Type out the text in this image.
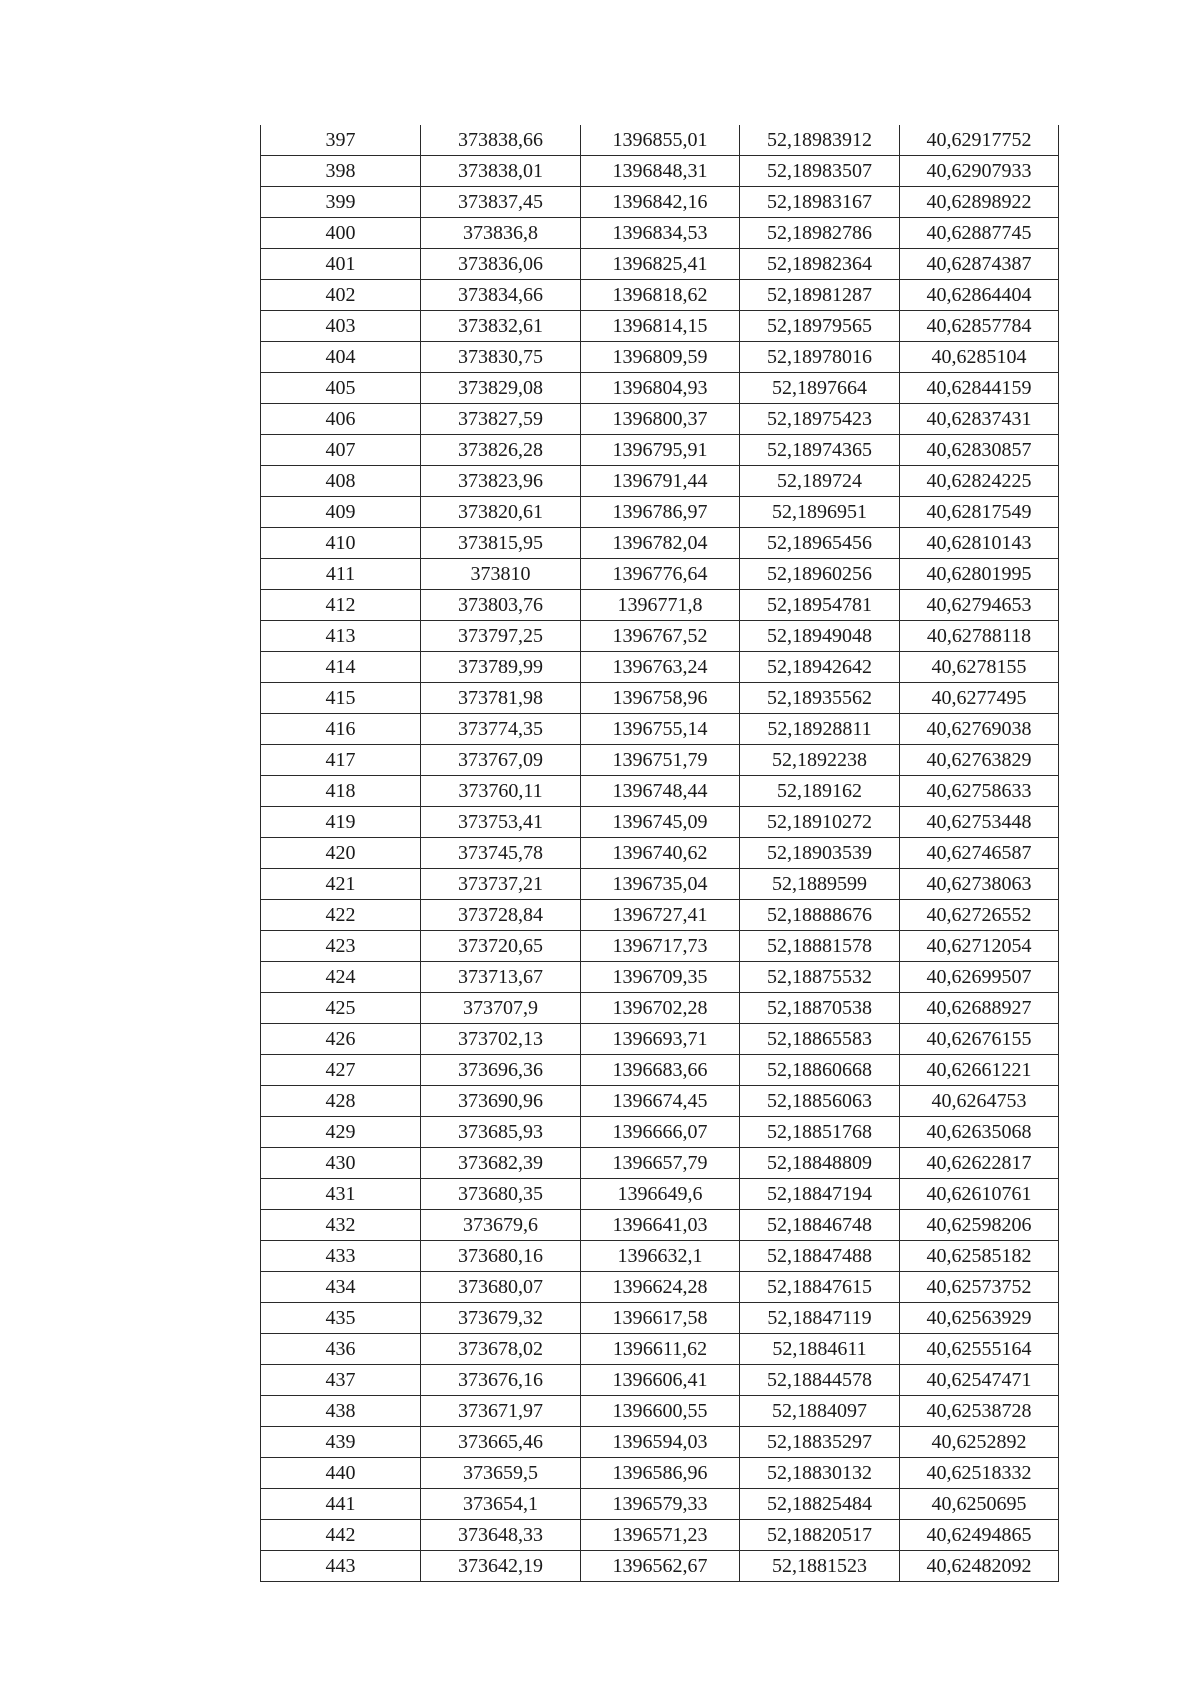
397	373838,66	1396855,01	52,18983912	40,62917752
398	373838,01	1396848,31	52,18983507	40,62907933
399	373837,45	1396842,16	52,18983167	40,62898922
400	373836,8	1396834,53	52,18982786	40,62887745
401	373836,06	1396825,41	52,18982364	40,62874387
402	373834,66	1396818,62	52,18981287	40,62864404
403	373832,61	1396814,15	52,18979565	40,62857784
404	373830,75	1396809,59	52,18978016	40,6285104
405	373829,08	1396804,93	52,1897664	40,62844159
406	373827,59	1396800,37	52,18975423	40,62837431
407	373826,28	1396795,91	52,18974365	40,62830857
408	373823,96	1396791,44	52,189724	40,62824225
409	373820,61	1396786,97	52,1896951	40,62817549
410	373815,95	1396782,04	52,18965456	40,62810143
411	373810	1396776,64	52,18960256	40,62801995
412	373803,76	1396771,8	52,18954781	40,62794653
413	373797,25	1396767,52	52,18949048	40,62788118
414	373789,99	1396763,24	52,18942642	40,6278155
415	373781,98	1396758,96	52,18935562	40,6277495
416	373774,35	1396755,14	52,18928811	40,62769038
417	373767,09	1396751,79	52,1892238	40,62763829
418	373760,11	1396748,44	52,189162	40,62758633
419	373753,41	1396745,09	52,18910272	40,62753448
420	373745,78	1396740,62	52,18903539	40,62746587
421	373737,21	1396735,04	52,1889599	40,62738063
422	373728,84	1396727,41	52,18888676	40,62726552
423	373720,65	1396717,73	52,18881578	40,62712054
424	373713,67	1396709,35	52,18875532	40,62699507
425	373707,9	1396702,28	52,18870538	40,62688927
426	373702,13	1396693,71	52,18865583	40,62676155
427	373696,36	1396683,66	52,18860668	40,62661221
428	373690,96	1396674,45	52,18856063	40,6264753
429	373685,93	1396666,07	52,18851768	40,62635068
430	373682,39	1396657,79	52,18848809	40,62622817
431	373680,35	1396649,6	52,18847194	40,62610761
432	373679,6	1396641,03	52,18846748	40,62598206
433	373680,16	1396632,1	52,18847488	40,62585182
434	373680,07	1396624,28	52,18847615	40,62573752
435	373679,32	1396617,58	52,18847119	40,62563929
436	373678,02	1396611,62	52,1884611	40,62555164
437	373676,16	1396606,41	52,18844578	40,62547471
438	373671,97	1396600,55	52,1884097	40,62538728
439	373665,46	1396594,03	52,18835297	40,6252892
440	373659,5	1396586,96	52,18830132	40,62518332
441	373654,1	1396579,33	52,18825484	40,6250695
442	373648,33	1396571,23	52,18820517	40,62494865
443	373642,19	1396562,67	52,1881523	40,62482092
